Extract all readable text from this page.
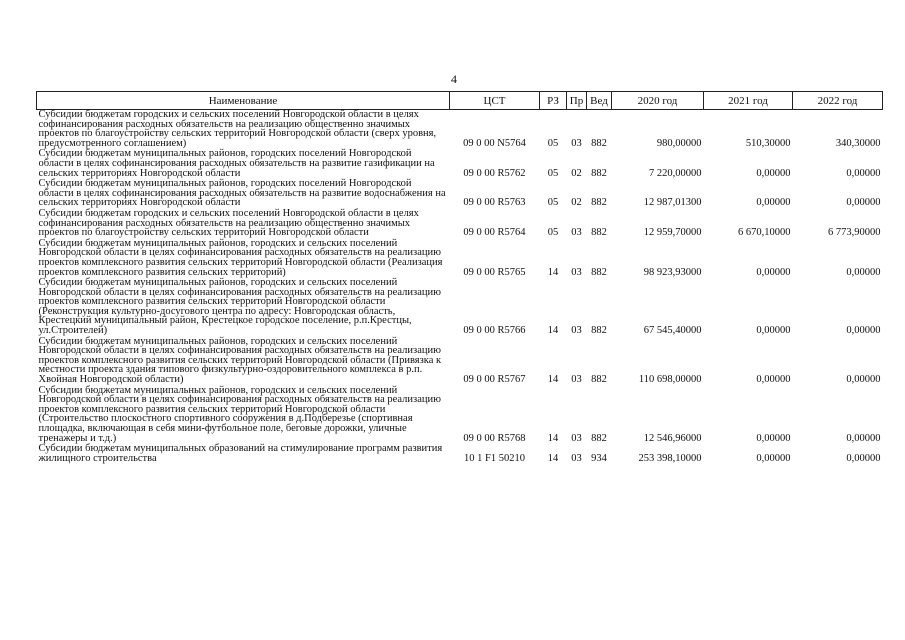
4
Наименование	ЦСТ	РЗ	Пр	Вед	2020 год	2021 год	2022 год
Субсидии бюджетам городских и сельских поселений Новгородской области в целях софинансирования расходных обязательств на реализацию общественно значимых проектов по благоустройству сельских территорий Новгородской области (сверх уровня, предусмотренного соглашением)	09 0 00 N5764	05	03	882	980,00000	510,30000	340,30000
Субсидии бюджетам муниципальных районов, городских поселений Новгородской области в целях софинансирования расходных обязательств на развитие газификации на сельских территориях Новгородской области	09 0 00 R5762	05	02	882	7 220,00000	0,00000	0,00000
Субсидии бюджетам муниципальных районов, городских поселений Новгородской области в целях софинансирования расходных обязательств на развитие водоснабжения на сельских территориях Новгородской области	09 0 00 R5763	05	02	882	12 987,01300	0,00000	0,00000
Субсидии бюджетам городских и сельских поселений Новгородской области в целях софинансирования расходных обязательств на реализацию общественно значимых проектов по благоустройству сельских территорий Новгородской области	09 0 00 R5764	05	03	882	12 959,70000	6 670,10000	6 773,90000
Субсидии бюджетам муниципальных районов, городских и сельских поселений Новгородской области в целях софинансирования расходных обязательств на реализацию проектов комплексного развития сельских территорий Новгородской области (Реализация проектов комплексного развития сельских территорий)	09 0 00 R5765	14	03	882	98 923,93000	0,00000	0,00000
Субсидии бюджетам муниципальных районов, городских и сельских поселений Новгородской области в целях софинансирования расходных обязательств на реализацию проектов комплексного развития сельских территорий Новгородской области (Реконструкция культурно-досугового центра по адресу: Новгородская область, Крестецкий муниципальный район, Крестецкое городское поселение, р.п.Крестцы, ул.Строителей)	09 0 00 R5766	14	03	882	67 545,40000	0,00000	0,00000
Субсидии бюджетам муниципальных районов, городских и сельских поселений Новгородской области в целях софинансирования расходных обязательств на реализацию проектов комплексного развития сельских территорий Новгородской области (Привязка к местности проекта здания типового физкультурно-оздоровительного комплекса в р.п. Хвойная Новгородской области)	09 0 00 R5767	14	03	882	110 698,00000	0,00000	0,00000
Субсидии бюджетам муниципальных районов, городских и сельских поселений Новгородской области в целях софинансирования расходных обязательств на реализацию проектов комплексного развития сельских территорий Новгородской области (Строительство плоскостного спортивного сооружения в д.Подберезье (спортивная площадка, включающая в себя мини-футбольное поле, беговые дорожки, уличные тренажеры и т.д.)	09 0 00 R5768	14	03	882	12 546,96000	0,00000	0,00000
Субсидии бюджетам муниципальных образований на стимулирование программ развития жилищного строительства	10 1 F1 50210	14	03	934	253 398,10000	0,00000	0,00000
